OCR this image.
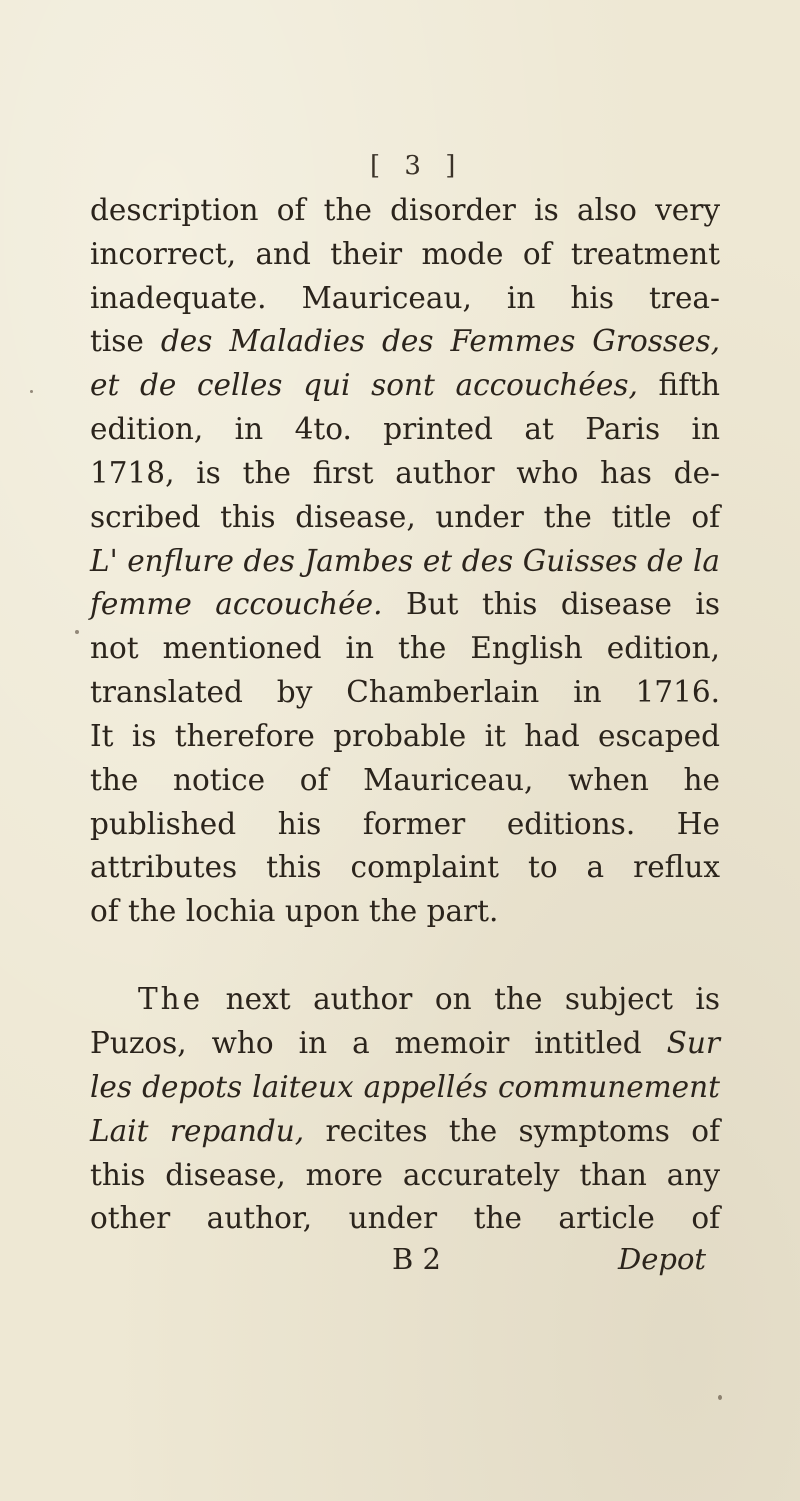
[ 3 ]
description of the disorder is also very
incorrect, and their mode of treatment
inadequate. Mauriceau, in his trea-
tise des Maladies des Femmes Grosses,
et de celles qui sont accouchées, fifth
edition, in 4to. printed at Paris in
1718, is the first author who has de-
scribed this disease, under the title of
L' enflure des Jambes et des Guisses de la
femme accouchée. But this disease is
not mentioned in the English edition,
translated by Chamberlain in 1716.
It is therefore probable it had escaped
the notice of Mauriceau, when he
published his former editions. He
attributes this complaint to a reflux
of the lochia upon the part.
The next author on the subject is
Puzos, who in a memoir intitled Sur
les depots laiteux appellés communement
Lait repandu, recites the symptoms of
this disease, more accurately than any
other author, under the article of
B 2	Depot
